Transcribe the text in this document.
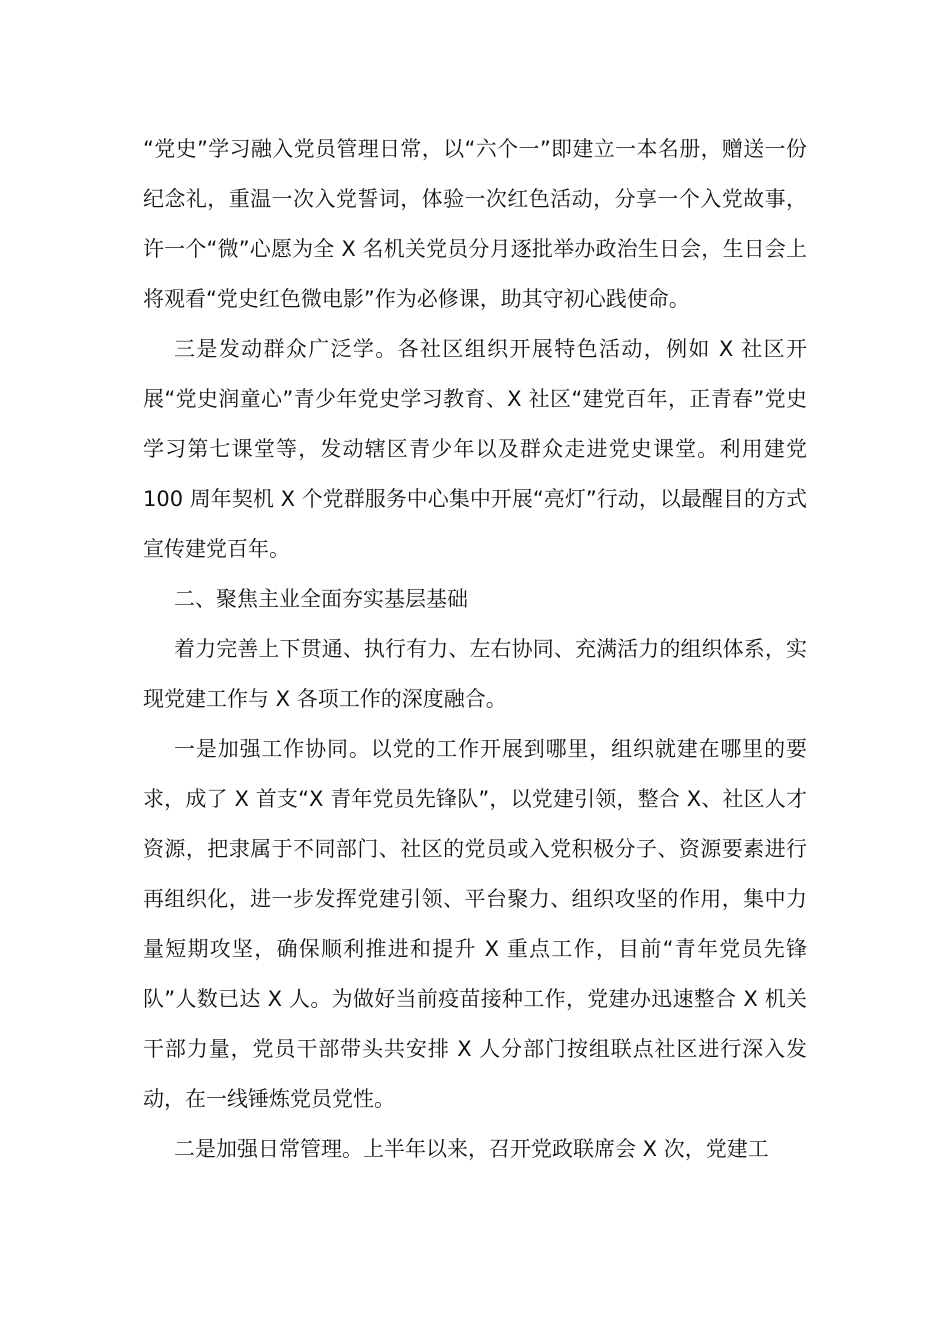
“党史”学习融入党员管理日常，以“六个一”即建立一本名册，赠送一份纪念礼，重温一次入党誓词，体验一次红色活动，分享一个入党故事，许一个“微”心愿为全 X 名机关党员分月逐批举办政治生日会，生日会上将观看“党史红色微电影”作为必修课，助其守初心践使命。

三是发动群众广泛学。各社区组织开展特色活动，例如 X 社区开展“党史润童心”青少年党史学习教育、X 社区“建党百年，正青春”党史学习第七课堂等，发动辖区青少年以及群众走进党史课堂。利用建党 100 周年契机 X 个党群服务中心集中开展“亮灯”行动，以最醒目的方式宣传建党百年。

二、聚焦主业全面夯实基层基础

着力完善上下贯通、执行有力、左右协同、充满活力的组织体系，实现党建工作与 X 各项工作的深度融合。

一是加强工作协同。以党的工作开展到哪里，组织就建在哪里的要求，成了 X 首支“X 青年党员先锋队”，以党建引领，整合 X、社区人才资源，把隶属于不同部门、社区的党员或入党积极分子、资源要素进行再组织化，进一步发挥党建引领、平台聚力、组织攻坚的作用，集中力量短期攻坚，确保顺利推进和提升 X 重点工作，目前“青年党员先锋队”人数已达 X 人。为做好当前疫苗接种工作，党建办迅速整合 X 机关干部力量，党员干部带头共安排 X 人分部门按组联点社区进行深入发动，在一线锤炼党员党性。

二是加强日常管理。上半年以来，召开党政联席会 X 次，党建工
